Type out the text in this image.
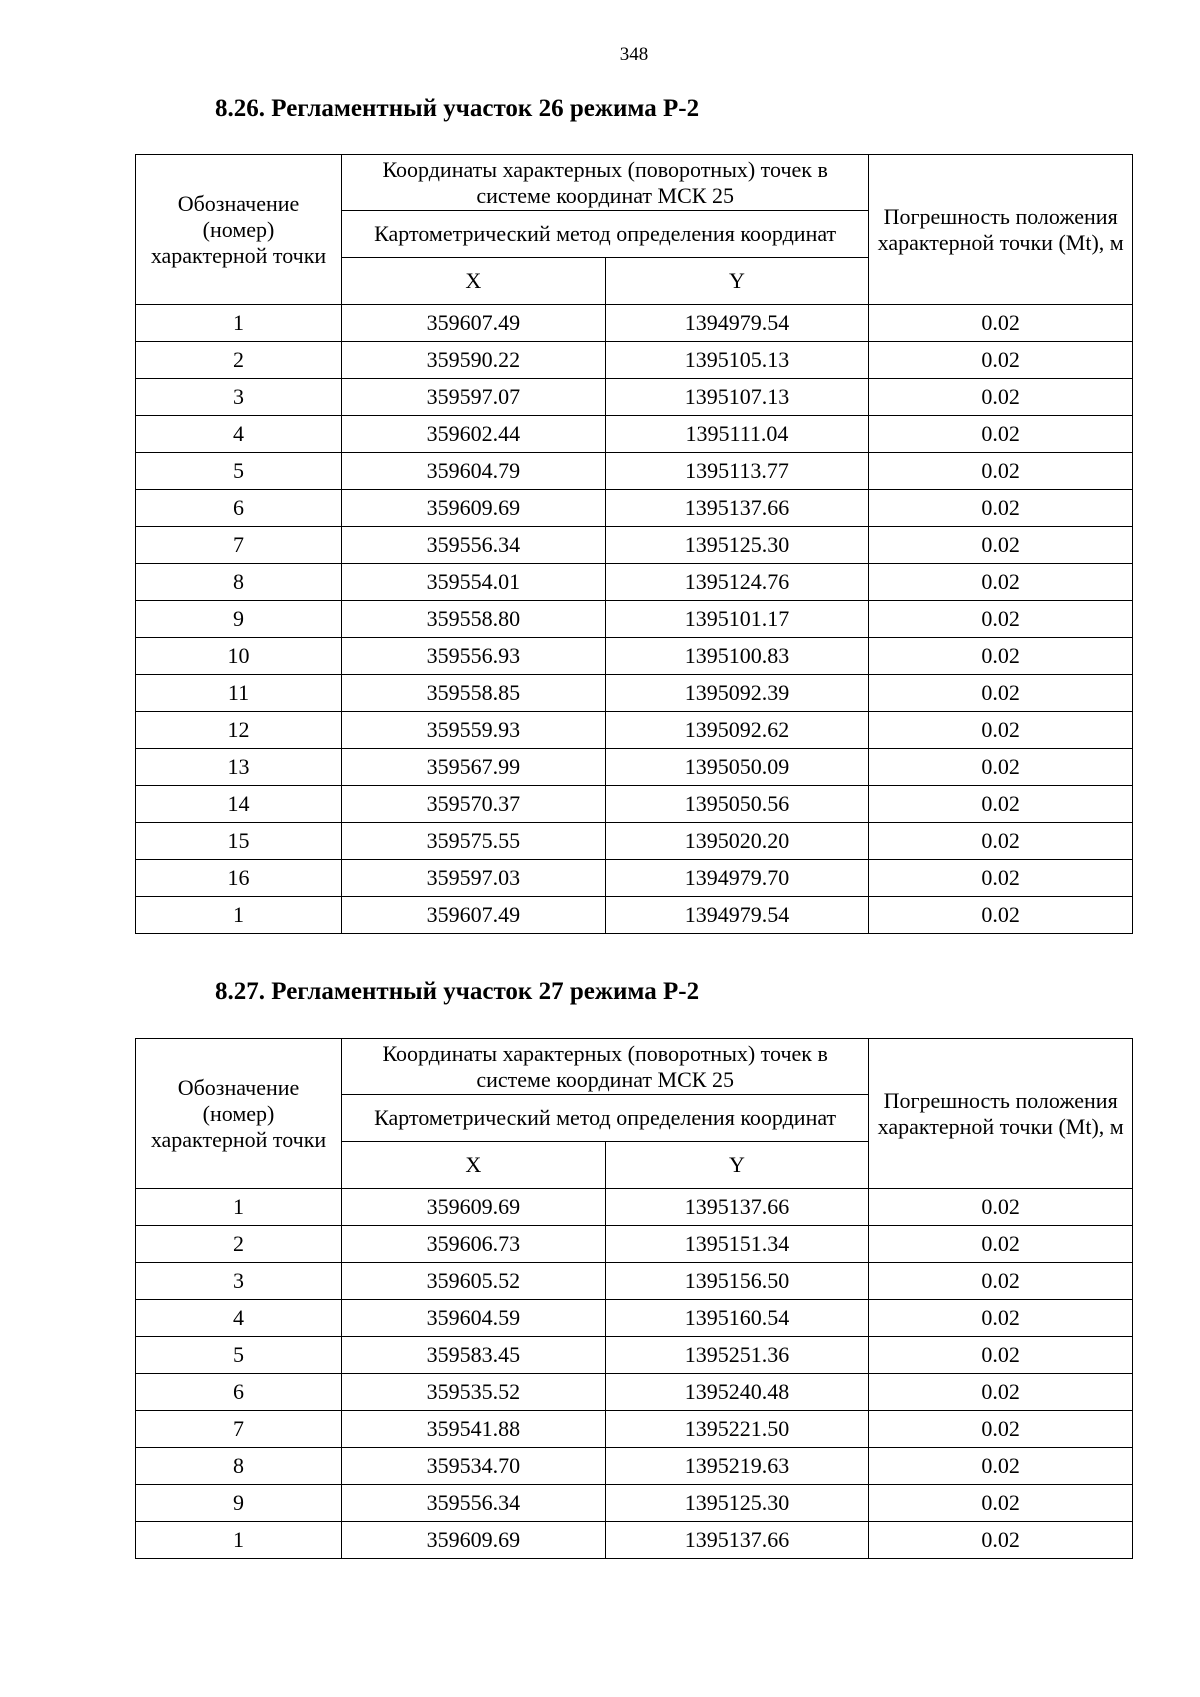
348
8.26. Регламентный участок 26 режима Р-2
Обозначение (номер) характерной точки	Координаты характерных (поворотных) точек в системе координат МСК 25		Погрешность положения характерной точки (Mt), м
	Картометрический метод определения координат		
	X	Y	
1	359607.49	1394979.54	0.02
2	359590.22	1395105.13	0.02
3	359597.07	1395107.13	0.02
4	359602.44	1395111.04	0.02
5	359604.79	1395113.77	0.02
6	359609.69	1395137.66	0.02
7	359556.34	1395125.30	0.02
8	359554.01	1395124.76	0.02
9	359558.80	1395101.17	0.02
10	359556.93	1395100.83	0.02
11	359558.85	1395092.39	0.02
12	359559.93	1395092.62	0.02
13	359567.99	1395050.09	0.02
14	359570.37	1395050.56	0.02
15	359575.55	1395020.20	0.02
16	359597.03	1394979.70	0.02
1	359607.49	1394979.54	0.02
8.27. Регламентный участок 27 режима Р-2
Обозначение (номер) характерной точки	Координаты характерных (поворотных) точек в системе координат МСК 25		Погрешность положения характерной точки (Mt), м
	Картометрический метод определения координат		
	X	Y	
1	359609.69	1395137.66	0.02
2	359606.73	1395151.34	0.02
3	359605.52	1395156.50	0.02
4	359604.59	1395160.54	0.02
5	359583.45	1395251.36	0.02
6	359535.52	1395240.48	0.02
7	359541.88	1395221.50	0.02
8	359534.70	1395219.63	0.02
9	359556.34	1395125.30	0.02
1	359609.69	1395137.66	0.02
